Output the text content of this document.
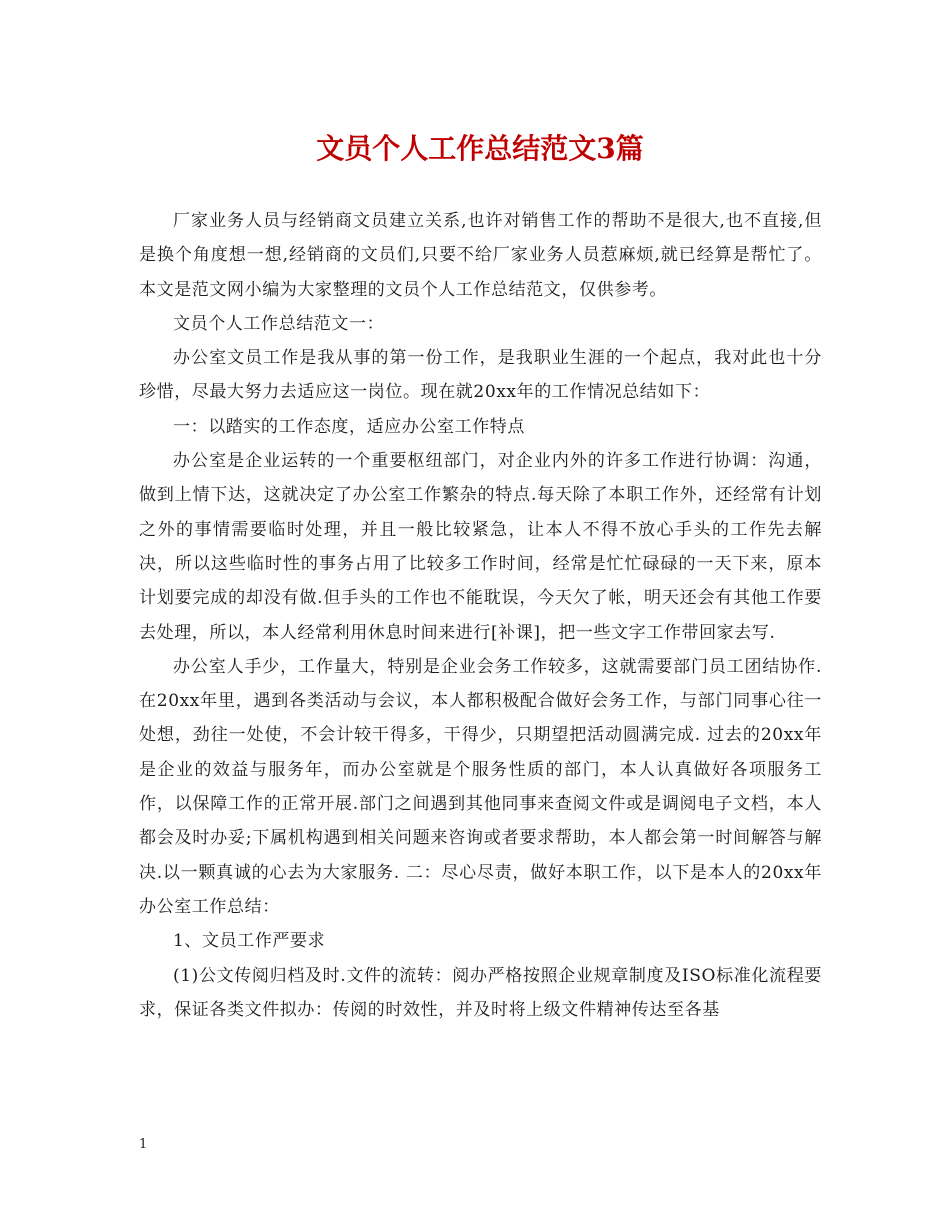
文员个人工作总结范文3篇

厂家业务人员与经销商文员建立关系,也许对销售工作的帮助不是很大,也不直接,但是换个角度想一想,经销商的文员们,只要不给厂家业务人员惹麻烦,就已经算是帮忙了。本文是范文网小编为大家整理的文员个人工作总结范文，仅供参考。

文员个人工作总结范文一：

办公室文员工作是我从事的第一份工作，是我职业生涯的一个起点，我对此也十分珍惜，尽最大努力去适应这一岗位。现在就20xx年的工作情况总结如下：

一：以踏实的工作态度，适应办公室工作特点

办公室是企业运转的一个重要枢纽部门，对企业内外的许多工作进行协调：沟通，做到上情下达，这就决定了办公室工作繁杂的特点.每天除了本职工作外，还经常有计划之外的事情需要临时处理，并且一般比较紧急，让本人不得不放心手头的工作先去解决，所以这些临时性的事务占用了比较多工作时间，经常是忙忙碌碌的一天下来，原本计划要完成的却没有做.但手头的工作也不能耽误，今天欠了帐，明天还会有其他工作要去处理，所以，本人经常利用休息时间来进行[补课]，把一些文字工作带回家去写.

办公室人手少，工作量大，特别是企业会务工作较多，这就需要部门员工团结协作.在20xx年里，遇到各类活动与会议，本人都积极配合做好会务工作，与部门同事心往一处想，劲往一处使，不会计较干得多，干得少，只期望把活动圆满完成. 过去的20xx年是企业的效益与服务年，而办公室就是个服务性质的部门，本人认真做好各项服务工作，以保障工作的正常开展.部门之间遇到其他同事来查阅文件或是调阅电子文档，本人都会及时办妥;下属机构遇到相关问题来咨询或者要求帮助，本人都会第一时间解答与解决.以一颗真诚的心去为大家服务. 二：尽心尽责，做好本职工作，以下是本人的20xx年办公室工作总结：

1、文员工作严要求

(1)公文传阅归档及时.文件的流转：阅办严格按照企业规章制度及ISO标准化流程要求，保证各类文件拟办：传阅的时效性，并及时将上级文件精神传达至各基

1
